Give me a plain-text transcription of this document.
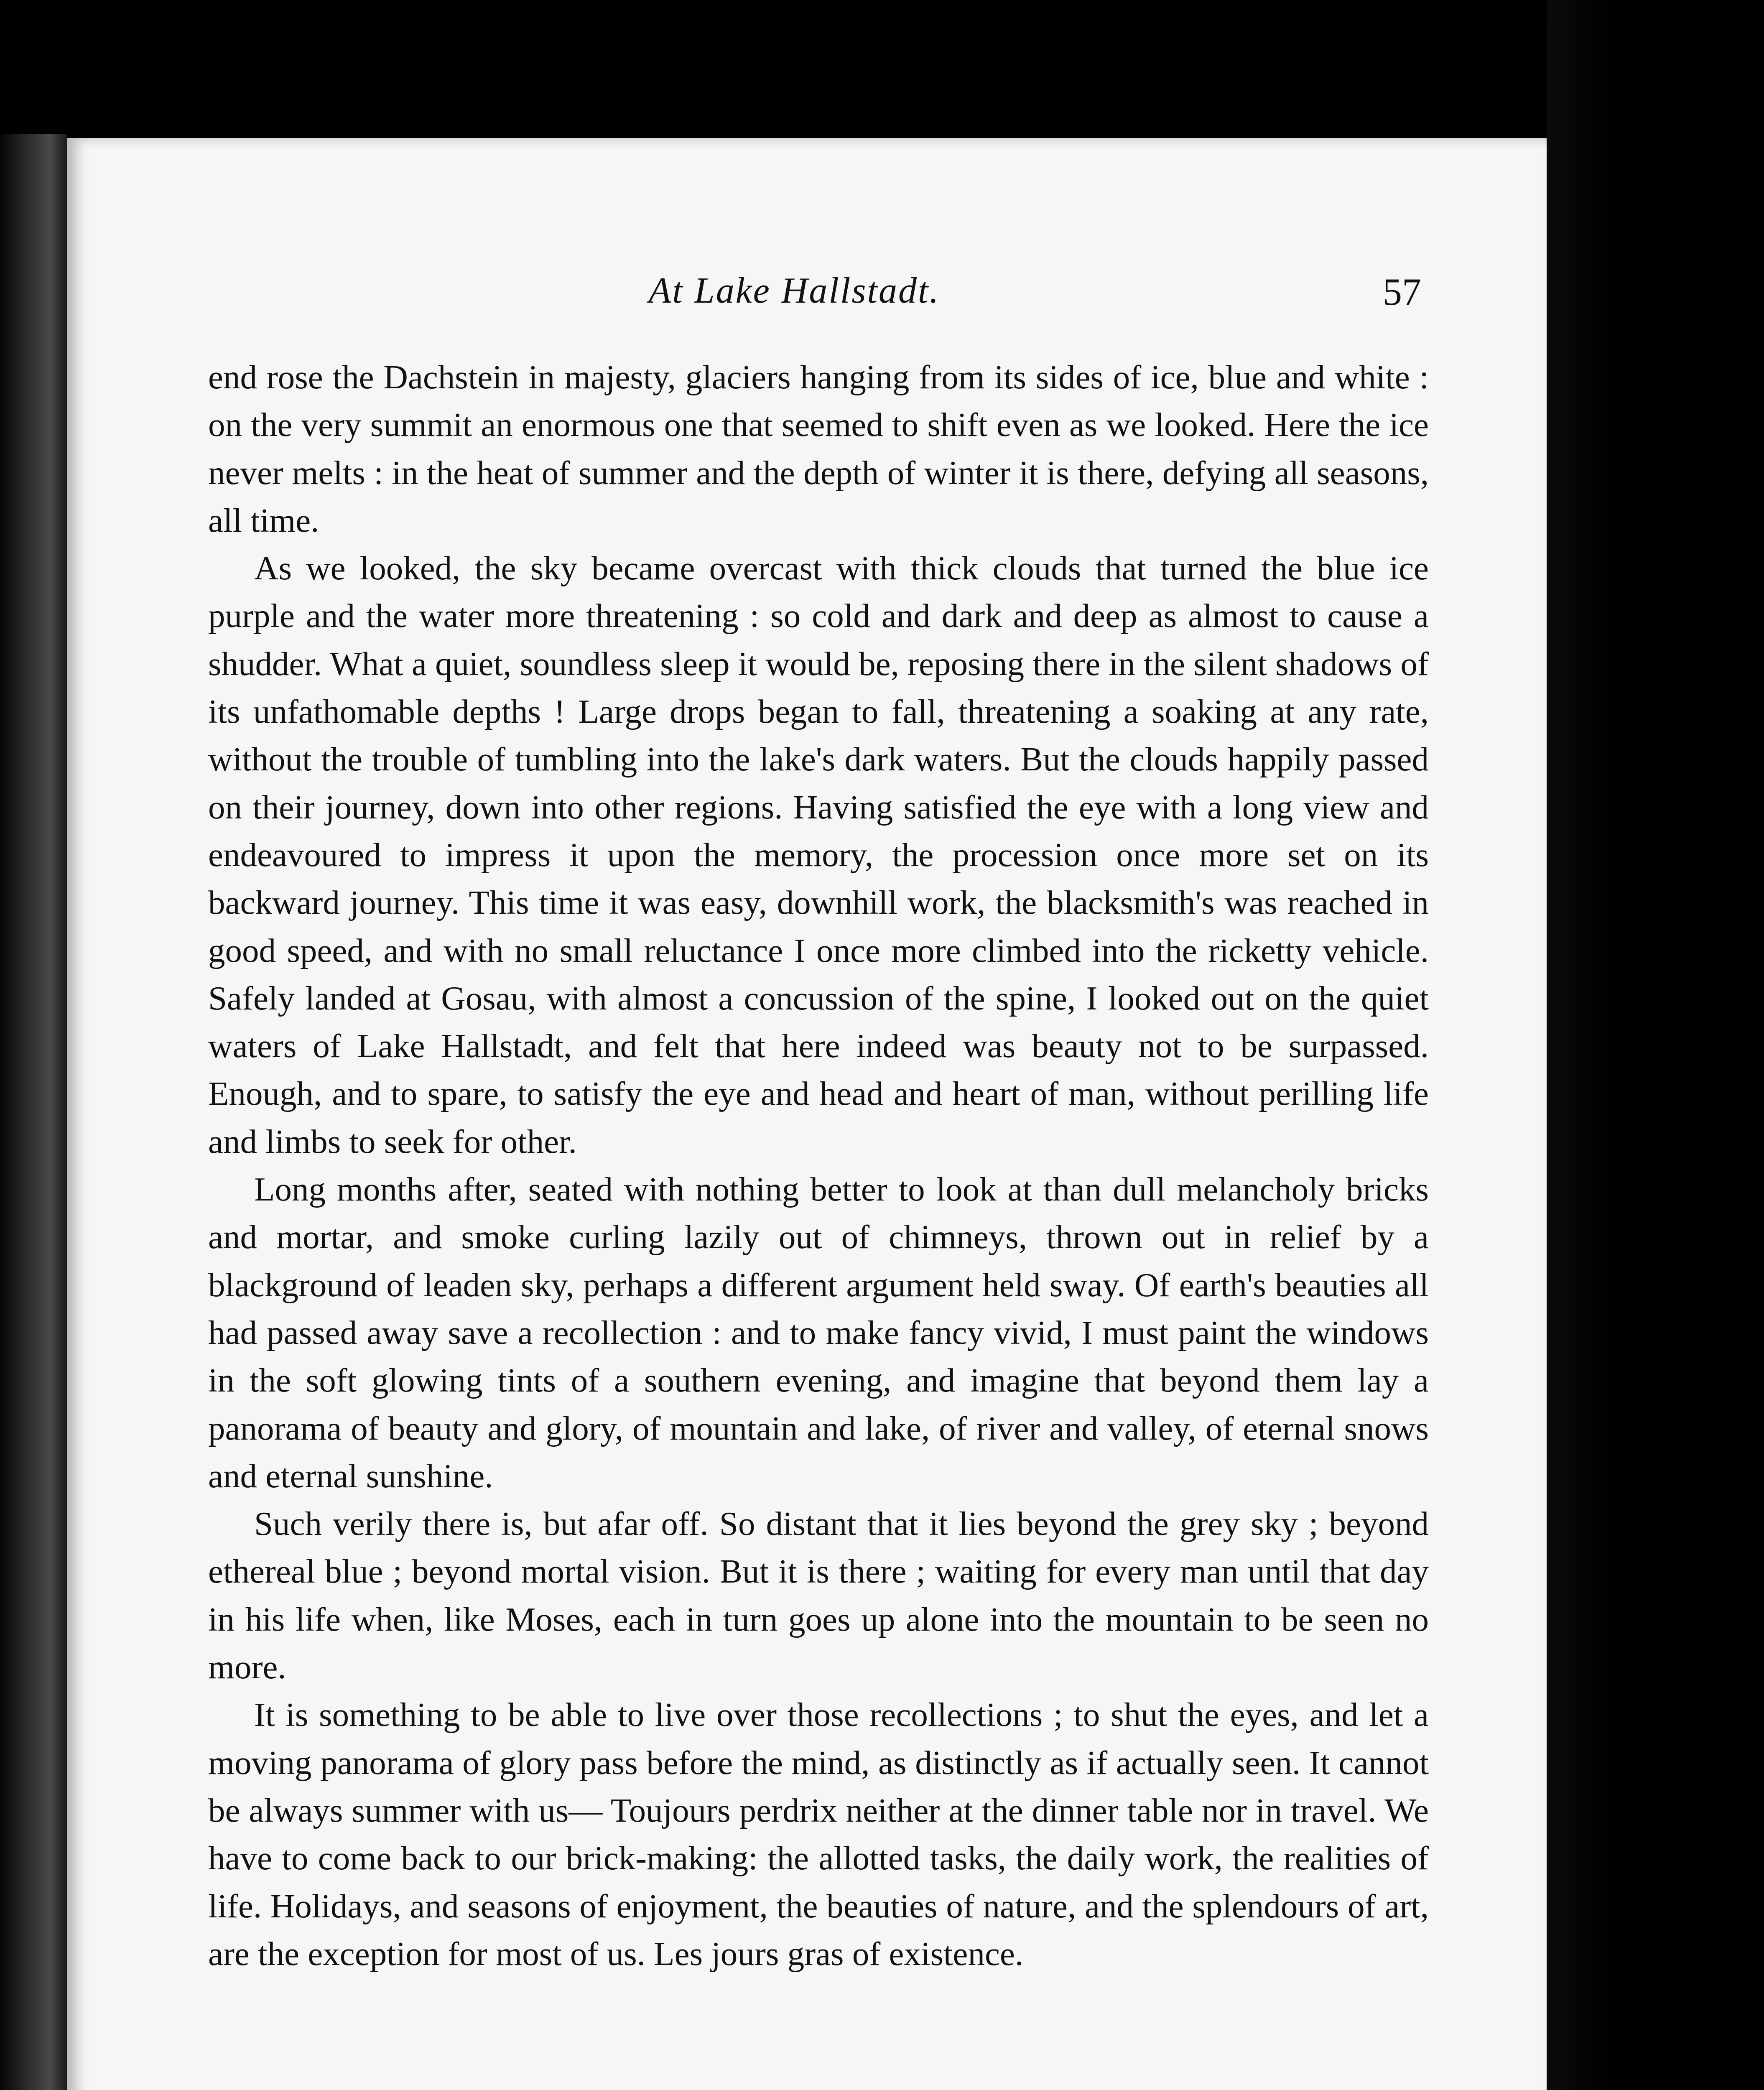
At Lake Hallstadt.	57

end rose the Dachstein in majesty, glaciers hanging from its sides of ice, blue and white : on the very summit an enormous one that seemed to shift even as we looked. Here the ice never melts : in the heat of summer and the depth of winter it is there, defying all seasons, all time.

As we looked, the sky became overcast with thick clouds that turned the blue ice purple and the water more threatening : so cold and dark and deep as almost to cause a shudder. What a quiet, soundless sleep it would be, reposing there in the silent shadows of its unfathomable depths ! Large drops began to fall, threatening a soaking at any rate, without the trouble of tumbling into the lake's dark waters. But the clouds happily passed on their journey, down into other regions. Having satisfied the eye with a long view and endeavoured to impress it upon the memory, the procession once more set on its backward journey. This time it was easy, downhill work, the blacksmith's was reached in good speed, and with no small reluctance I once more climbed into the ricketty vehicle. Safely landed at Gosau, with almost a concussion of the spine, I looked out on the quiet waters of Lake Hallstadt, and felt that here indeed was beauty not to be surpassed. Enough, and to spare, to satisfy the eye and head and heart of man, without perilling life and limbs to seek for other.

Long months after, seated with nothing better to look at than dull melancholy bricks and mortar, and smoke curling lazily out of chimneys, thrown out in relief by a blackground of leaden sky, perhaps a different argument held sway. Of earth's beauties all had passed away save a recollection : and to make fancy vivid, I must paint the windows in the soft glowing tints of a southern evening, and imagine that beyond them lay a panorama of beauty and glory, of mountain and lake, of river and valley, of eternal snows and eternal sunshine.

Such verily there is, but afar off. So distant that it lies beyond the grey sky ; beyond ethereal blue ; beyond mortal vision. But it is there ; waiting for every man until that day in his life when, like Moses, each in turn goes up alone into the mountain to be seen no more.

It is something to be able to live over those recollections ; to shut the eyes, and let a moving panorama of glory pass before the mind, as distinctly as if actually seen. It cannot be always summer with us— Toujours perdrix neither at the dinner table nor in travel. We have to come back to our brick-making: the allotted tasks, the daily work, the realities of life. Holidays, and seasons of enjoyment, the beauties of nature, and the splendours of art, are the exception for most of us. Les jours gras of existence.
